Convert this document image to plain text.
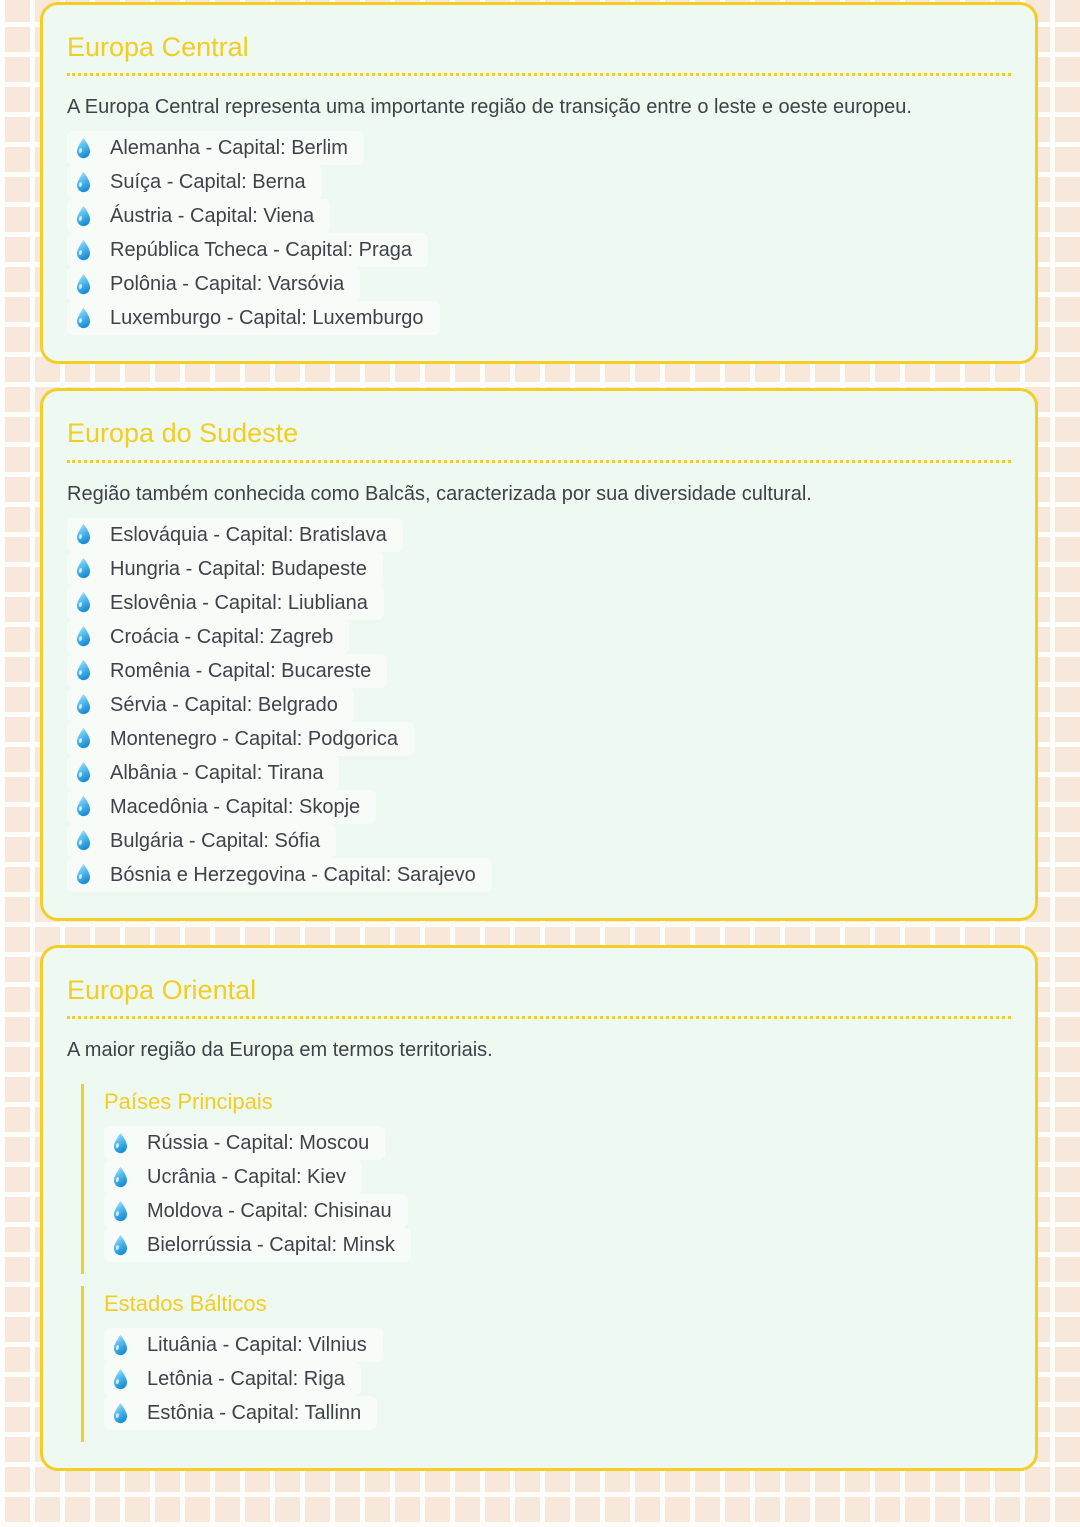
Europa Central

A Europa Central representa uma importante região de transição entre o leste e oeste europeu.

Alemanha - Capital: Berlim
Suíça - Capital: Berna
Áustria - Capital: Viena
República Tcheca - Capital: Praga
Polônia - Capital: Varsóvia
Luxemburgo - Capital: Luxemburgo
Europa do Sudeste

Região também conhecida como Balcãs, caracterizada por sua diversidade cultural.

Eslováquia - Capital: Bratislava
Hungria - Capital: Budapeste
Eslovênia - Capital: Liubliana
Croácia - Capital: Zagreb
Romênia - Capital: Bucareste
Sérvia - Capital: Belgrado
Montenegro - Capital: Podgorica
Albânia - Capital: Tirana
Macedônia - Capital: Skopje
Bulgária - Capital: Sófia
Bósnia e Herzegovina - Capital: Sarajevo
Europa Oriental

A maior região da Europa em termos territoriais.

Países Principais
Rússia - Capital: Moscou
Ucrânia - Capital: Kiev
Moldova - Capital: Chisinau
Bielorrússia - Capital: Minsk
Estados Bálticos
Lituânia - Capital: Vilnius
Letônia - Capital: Riga
Estônia - Capital: Tallinn
